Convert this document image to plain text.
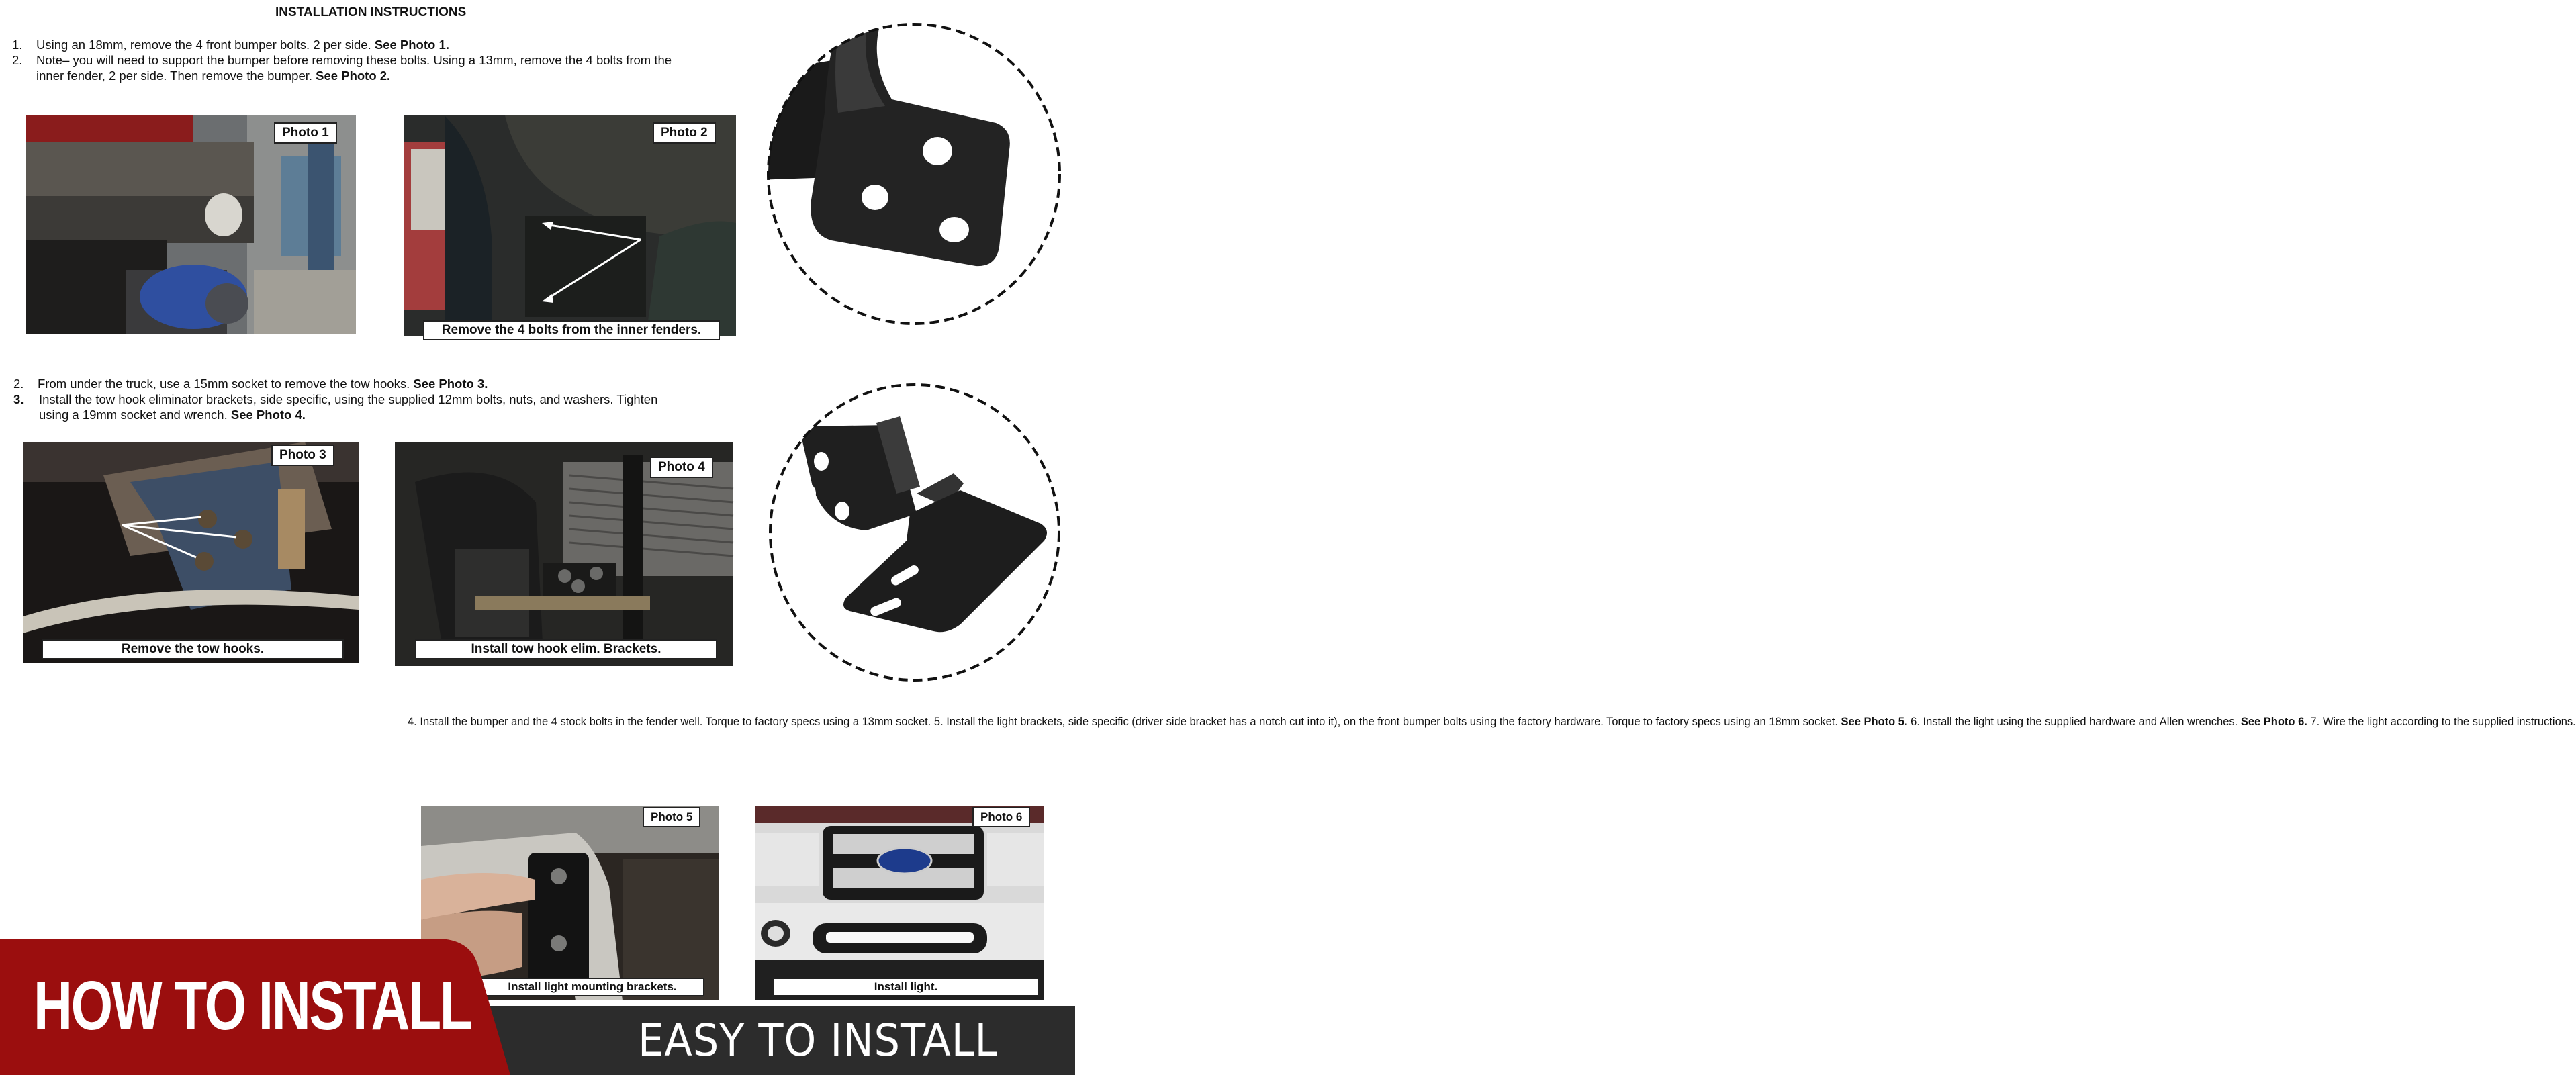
INSTALLATION INSTRUCTIONS
1. Using an 18mm, remove the 4 front bumper bolts. 2 per side. See Photo 1.
2. Note– you will need to support the bumper before removing these bolts. Using a 13mm, remove the 4 bolts from the
inner fender, 2 per side. Then remove the bumper. See Photo 2.
Photo 1	Photo 2
Remove the 4 bolts from the inner fenders.
2. From under the truck, use a 15mm socket to remove the tow hooks. See Photo 3.
3. Install the tow hook eliminator brackets, side specific, using the supplied 12mm bolts, nuts, and washers. Tighten
using a 19mm socket and wrench. See Photo 4.
Photo 3
Remove the tow hooks.
Photo 4
Install tow hook elim. Brackets.
4. Install the bumper and the 4 stock bolts in the fender well. Torque to factory specs using a 13mm socket. 5. Install the light brackets, side specific (driver side bracket has a notch cut into it), on the front bumper bolts using the factory hardware. Torque to factory specs using an 18mm socket. See Photo 5. 6. Install the light using the supplied hardware and Allen wrenches. See Photo 6. 7. Wire the light according to the supplied instructions.
Photo 5
Install light mounting brackets.
Photo 6
Install light.
EASY TO INSTALL
HOW TO INSTALL
